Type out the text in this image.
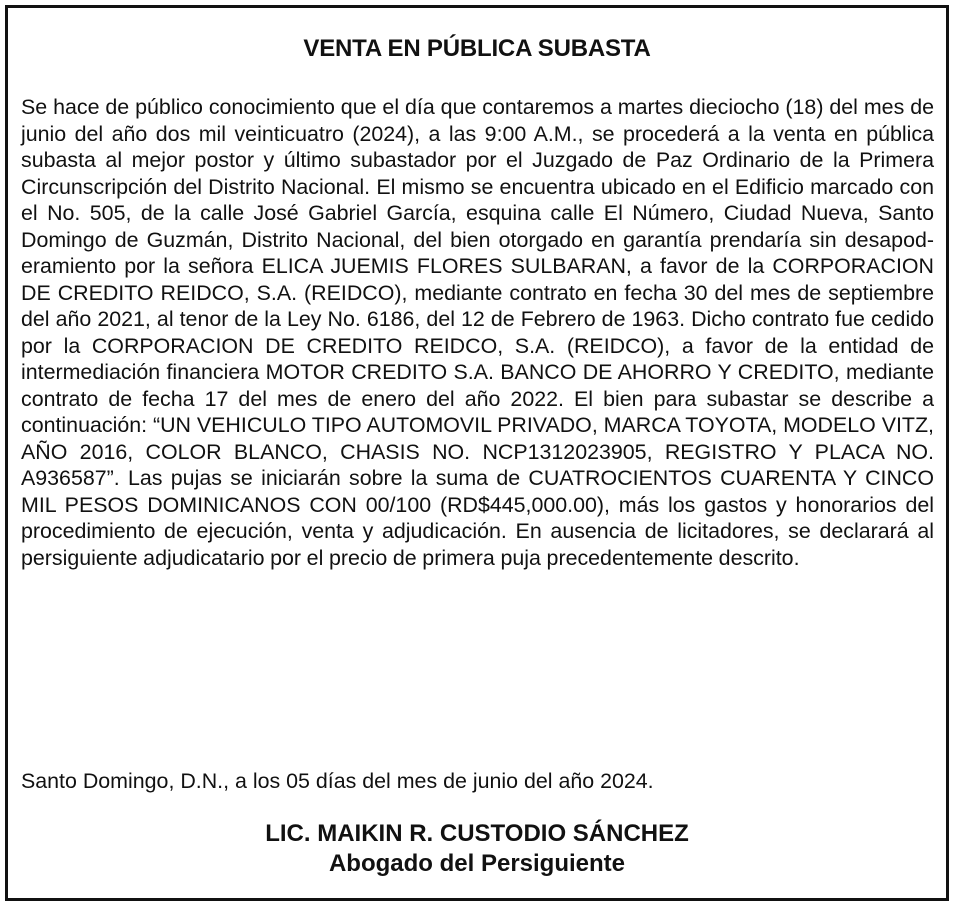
VENTA EN PÚBLICA SUBASTA

Se hace de público conocimiento que el día que contaremos a martes dieciocho (18) del mes de junio del año dos mil veinticuatro (2024), a las 9:00 A.M., se procederá a la venta en pública subasta al mejor postor y último subastador por el Juzgado de Paz Ordinario de la Primera Circunscripción del Distrito Nacional. El mismo se encuentra ubicado en el Edificio marcado con el No. 505, de la calle José Gabriel García, esquina calle El Número, Ciudad Nueva, Santo Domingo de Guzmán, Distrito Nacional, del bien otorgado en garantía prendaría sin desapoderamiento por la señora ELICA JUEMIS FLORES SULBARAN, a favor de la CORPORACION DE CREDITO REIDCO, S.A. (REIDCO), mediante contrato en fecha 30 del mes de septiembre del año 2021, al tenor de la Ley No. 6186, del 12 de Febrero de 1963. Dicho contrato fue cedido por la CORPORACION DE CREDITO REIDCO, S.A. (REIDCO), a favor de la entidad de intermediación financiera MOTOR CREDITO S.A. BANCO DE AHORRO Y CREDITO, mediante contrato de fecha 17 del mes de enero del año 2022. El bien para subastar se describe a continuación: “UN VEHICULO TIPO AUTOMOVIL PRIVADO, MARCA TOYOTA, MODELO VITZ, AÑO 2016, COLOR BLANCO, CHASIS NO. NCP1312023905, REGISTRO Y PLACA NO. A936587”. Las pujas se iniciarán sobre la suma de CUATROCIENTOS CUARENTA Y CINCO MIL PESOS DOMINICANOS CON 00/100 (RD$445,000.00), más los gastos y honorarios del procedimiento de ejecución, venta y adjudicación. En ausencia de licitadores, se declarará al persiguiente adjudicatario por el precio de primera puja precedentemente descrito.

Santo Domingo, D.N., a los 05 días del mes de junio del año 2024.

LIC. MAIKIN R. CUSTODIO SÁNCHEZ
Abogado del Persiguiente
